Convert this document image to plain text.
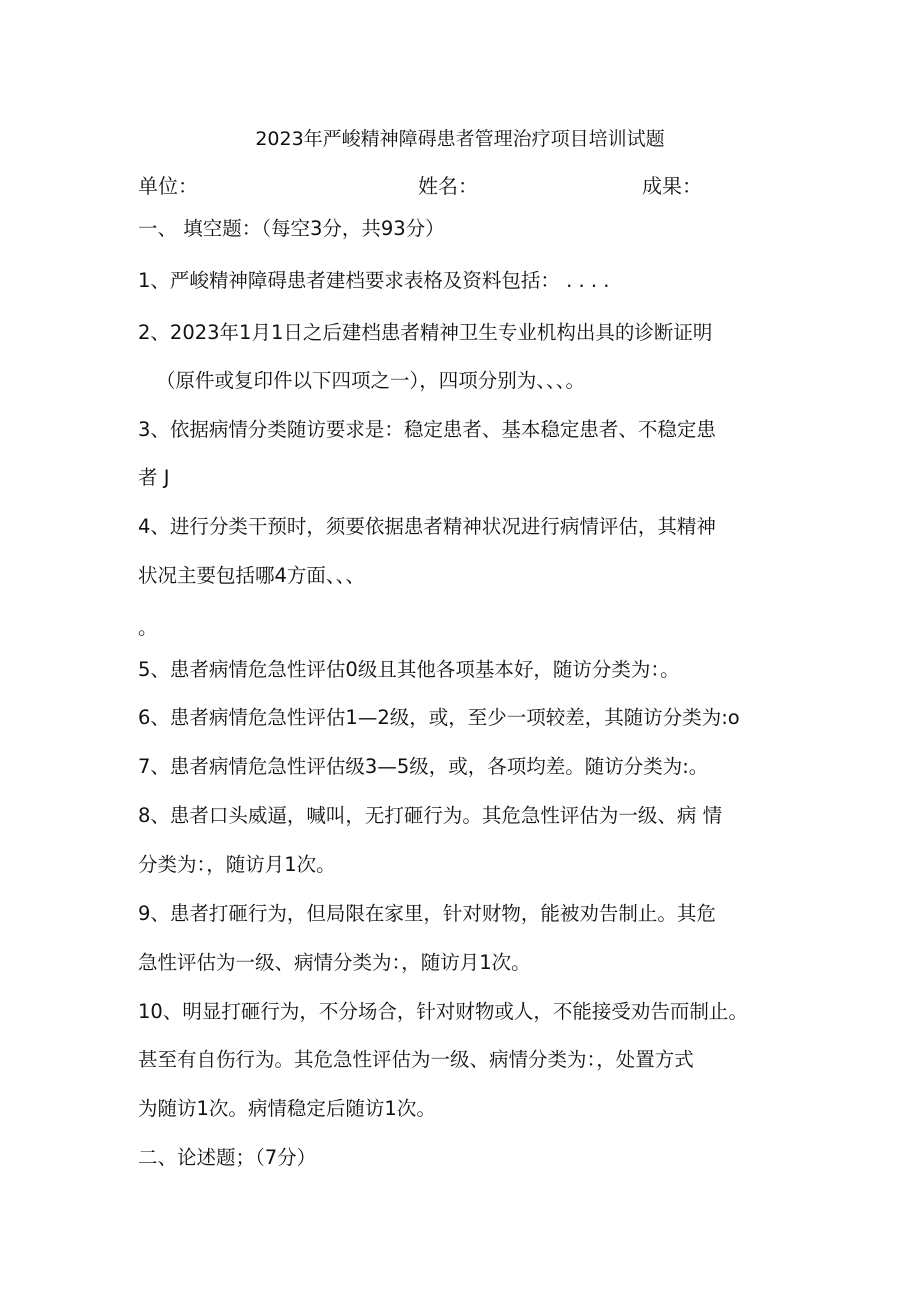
2023年严峻精神障碍患者管理治疗项目培训试题
单位：	姓名：	成果：
一、 填空题：（每空3分，共93分）
1、严峻精神障碍患者建档要求表格及资料包括： . . . .
2、2023年1月1日之后建档患者精神卫生专业机构出具的诊断证明
（原件或复印件以下四项之一），四项分别为、、、。
3、依据病情分类随访要求是：稳定患者、基本稳定患者、不稳定患
者 J
4、进行分类干预时，须要依据患者精神状况进行病情评估，其精神
状况主要包括哪4方面、、、
。
5、患者病情危急性评估0级且其他各项基本好，随访分类为：。
6、患者病情危急性评估1—2级，或，至少一项较差，其随访分类为:o
7、患者病情危急性评估级3—5级，或，各项均差。随访分类为:。
8、患者口头威逼，喊叫，无打砸行为。其危急性评估为一级、病 情
分类为：，随访月1次。
9、患者打砸行为，但局限在家里，针对财物，能被劝告制止。其危
急性评估为一级、病情分类为：，随访月1次。
10、明显打砸行为，不分场合，针对财物或人，不能接受劝告而制止。
甚至有自伤行为。其危急性评估为一级、病情分类为：，处置方式
为随访1次。病情稳定后随访1次。
二、论述题；（7分）
